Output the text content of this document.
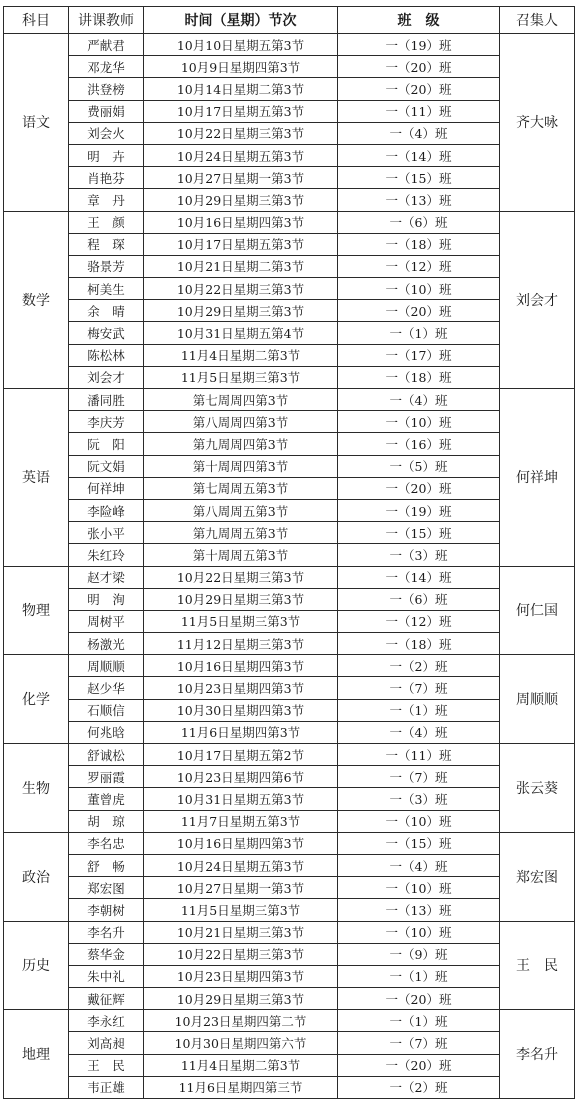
科目	讲课教师	时间（星期）节次	班　级	召集人
语文	严献君	10月10日星期五第3节	一（19）班	齐大咏
	邓龙华	10月9日星期四第3节	一（20）班	
	洪登榜	10月14日星期二第3节	一（20）班	
	费丽娟	10月17日星期五第3节	一（11）班	
	刘会火	10月22日星期三第3节	一（4）班	
	明　卉	10月24日星期五第3节	一（14）班	
	肖艳芬	10月27日星期一第3节	一（15）班	
	章　丹	10月29日星期三第3节	一（13）班	
数学	王　颜	10月16日星期四第3节	一（6）班	刘会才
	程　琛	10月17日星期五第3节	一（18）班	
	骆景芳	10月21日星期二第3节	一（12）班	
	柯美生	10月22日星期三第3节	一（10）班	
	余　晴	10月29日星期三第3节	一（20）班	
	梅安武	10月31日星期五第4节	一（1）班	
	陈松林	11月4日星期二第3节	一（17）班	
	刘会才	11月5日星期三第3节	一（18）班	
英语	潘同胜	第七周周四第3节	一（4）班	何祥坤
	李庆芳	第八周周四第3节	一（10）班	
	阮　阳	第九周周四第3节	一（16）班	
	阮文娟	第十周周四第3节	一（5）班	
	何祥坤	第七周周五第3节	一（20）班	
	李险峰	第八周周五第3节	一（19）班	
	张小平	第九周周五第3节	一（15）班	
	朱红玲	第十周周五第3节	一（3）班	
物理	赵才梁	10月22日星期三第3节	一（14）班	何仁国
	明　洵	10月29日星期三第3节	一（6）班	
	周树平	11月5日星期三第3节	一（12）班	
	杨激光	11月12日星期三第3节	一（18）班	
化学	周顺顺	10月16日星期四第3节	一（2）班	周顺顺
	赵少华	10月23日星期四第3节	一（7）班	
	石顺信	10月30日星期四第3节	一（1）班	
	何兆晗	11月6日星期四第3节	一（4）班	
生物	舒诚松	10月17日星期五第2节	一（11）班	张云葵
	罗丽霞	10月23日星期四第6节	一（7）班	
	董曾虎	10月31日星期五第3节	一（3）班	
	胡　琼	11月7日星期五第3节	一（10）班	
政治	李名忠	10月16日星期四第3节	一（15）班	郑宏图
	舒　畅	10月24日星期五第3节	一（4）班	
	郑宏图	10月27日星期一第3节	一（10）班	
	李朝树	11月5日星期三第3节	一（13）班	
历史	李名升	10月21日星期三第3节	一（10）班	王　民
	蔡华金	10月22日星期三第3节	一（9）班	
	朱中礼	10月23日星期四第3节	一（1）班	
	戴征辉	10月29日星期三第3节	一（20）班	
地理	李永红	10月23日星期四第二节	一（1）班	李名升
	刘高昶	10月30日星期四第六节	一（7）班	
	王　民	11月4日星期二第3节	一（20）班	
	韦正雄	11月6日星期四第三节	一（2）班	
